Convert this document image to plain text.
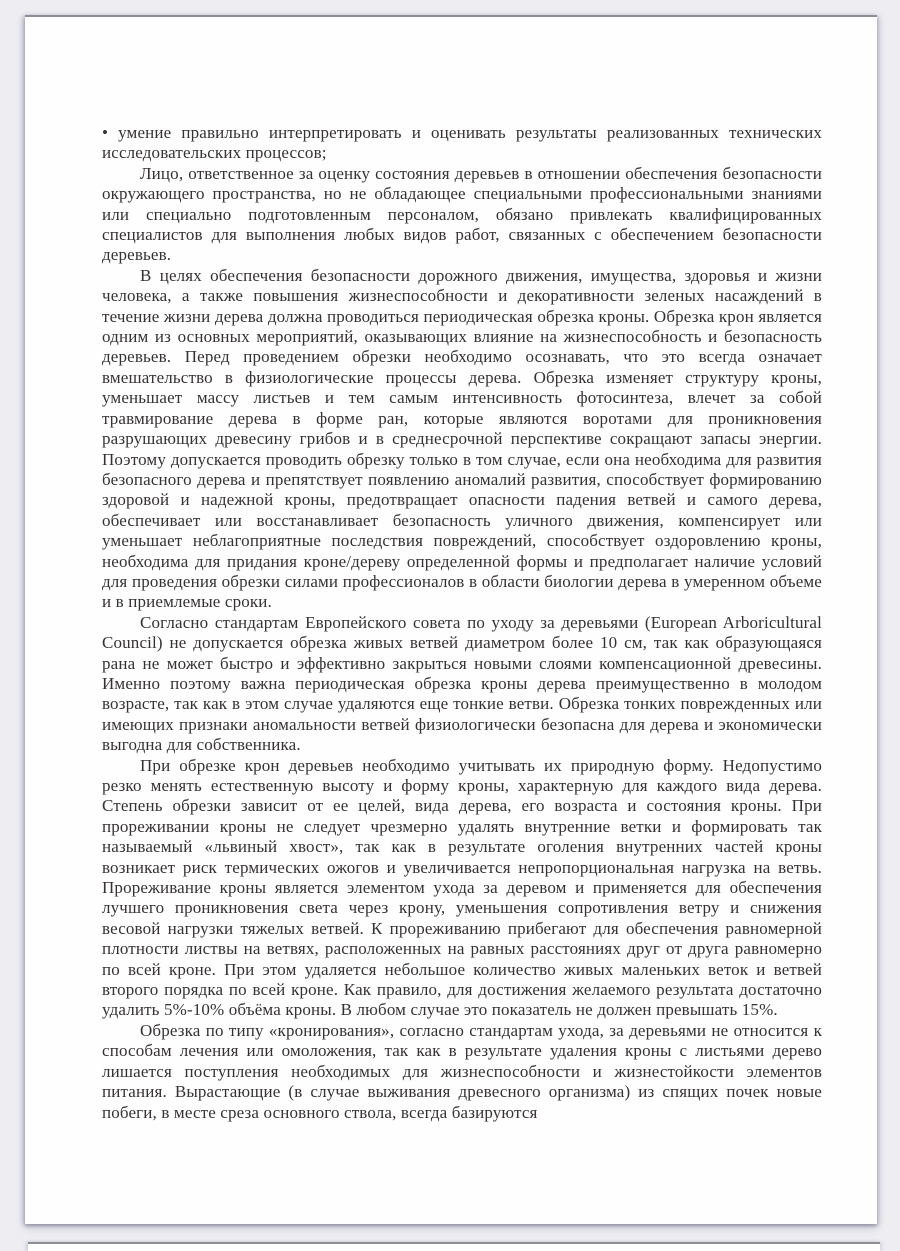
• умение правильно интерпретировать и оценивать результаты реализованных технических исследовательских процессов;

Лицо, ответственное за оценку состояния деревьев в отношении обеспечения безопасности окружающего пространства, но не обладающее специальными профессиональными знаниями или специально подготовленным персоналом, обязано привлекать квалифицированных специалистов для выполнения любых видов работ, связанных с обеспечением безопасности деревьев.

В целях обеспечения безопасности дорожного движения, имущества, здоровья и жизни человека, а также повышения жизнеспособности и декоративности зеленых насаждений в течение жизни дерева должна проводиться периодическая обрезка кроны. Обрезка крон является одним из основных мероприятий, оказывающих влияние на жизнеспособность и безопасность деревьев. Перед проведением обрезки необходимо осознавать, что это всегда означает вмешательство в физиологические процессы дерева. Обрезка изменяет структуру кроны, уменьшает массу листьев и тем самым интенсивность фотосинтеза, влечет за собой травмирование дерева в форме ран, которые являются воротами для проникновения разрушающих древесину грибов и в среднесрочной перспективе сокращают запасы энергии. Поэтому допускается проводить обрезку только в том случае, если она необходима для развития безопасного дерева и препятствует появлению аномалий развития, способствует формированию здоровой и надежной кроны, предотвращает опасности падения ветвей и самого дерева, обеспечивает или восстанавливает безопасность уличного движения, компенсирует или уменьшает неблагоприятные последствия повреждений, способствует оздоровлению кроны, необходима для придания кроне/дереву определенной формы и предполагает наличие условий для проведения обрезки силами профессионалов в области биологии дерева в умеренном объеме и в приемлемые сроки.

Согласно стандартам Европейского совета по уходу за деревьями (European Arboricultural Council) не допускается обрезка живых ветвей диаметром более 10 см, так как образующаяся рана не может быстро и эффективно закрыться новыми слоями компенсационной древесины. Именно поэтому важна периодическая обрезка кроны дерева преимущественно в молодом возрасте, так как в этом случае удаляются еще тонкие ветви. Обрезка тонких поврежденных или имеющих признаки аномальности ветвей физиологически безопасна для дерева и экономически выгодна для собственника.

При обрезке крон деревьев необходимо учитывать их природную форму. Недопустимо резко менять естественную высоту и форму кроны, характерную для каждого вида дерева. Степень обрезки зависит от ее целей, вида дерева, его возраста и состояния кроны. При прореживании кроны не следует чрезмерно удалять внутренние ветки и формировать так называемый «львиный хвост», так как в результате оголения внутренних частей кроны возникает риск термических ожогов и увеличивается непропорциональная нагрузка на ветвь. Прореживание кроны является элементом ухода за деревом и применяется для обеспечения лучшего проникновения света через крону, уменьшения сопротивления ветру и снижения весовой нагрузки тяжелых ветвей. К прореживанию прибегают для обеспечения равномерной плотности листвы на ветвях, расположенных на равных расстояниях друг от друга равномерно по всей кроне. При этом удаляется небольшое количество живых маленьких веток и ветвей второго порядка по всей кроне. Как правило, для достижения желаемого результата достаточно удалить 5%-10% объёма кроны. В любом случае это показатель не должен превышать 15%.

Обрезка по типу «кронирования», согласно стандартам ухода, за деревьями не относится к способам лечения или омоложения, так как в результате удаления кроны с листьями дерево лишается поступления необходимых для жизнеспособности и жизнестойкости элементов питания. Вырастающие (в случае выживания древесного организма) из спящих почек новые побеги, в месте среза основного ствола, всегда базируются
